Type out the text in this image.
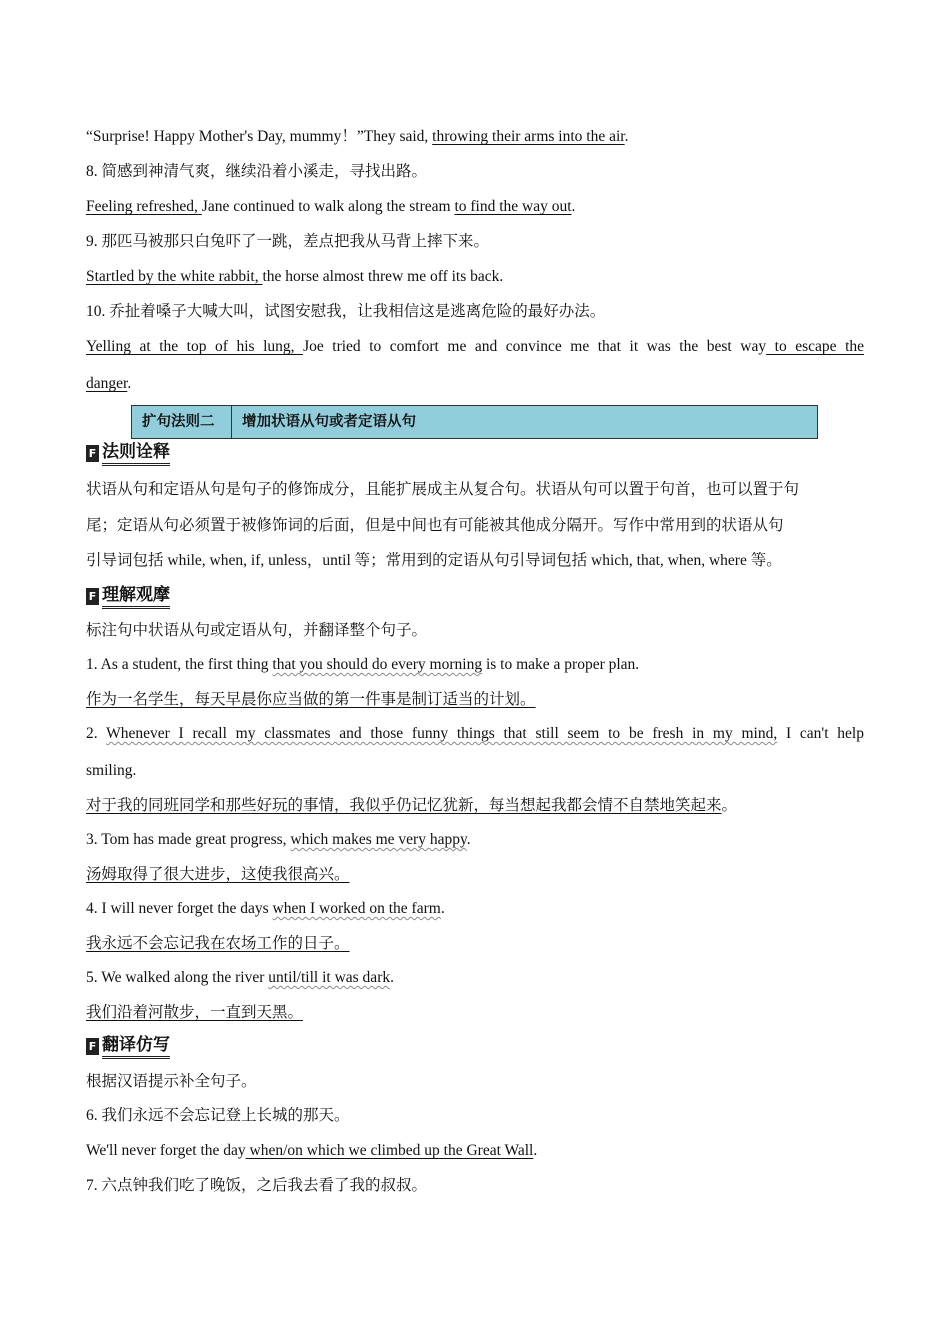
“Surprise! Happy Mother's Day, mummy！”They said, throwing their arms into the air.
8. 简感到神清气爽，继续沿着小溪走，寻找出路。
Feeling refreshed, Jane continued to walk along the stream to find the way out.
9. 那匹马被那只白兔吓了一跳，差点把我从马背上摔下来。
Startled by the white rabbit, the horse almost threw me off its back.
10. 乔扯着嗓子大喊大叫，试图安慰我，让我相信这是逃离危险的最好办法。
Yelling at the top of his lung, Joe tried to comfort me and convince me that it was the best way to escape the
danger.
扩句法则二	增加状语从句或者定语从句
F 法则诠释
状语从句和定语从句是句子的修饰成分，且能扩展成主从复合句。状语从句可以置于句首，也可以置于句
尾；定语从句必须置于被修饰词的后面，但是中间也有可能被其他成分隔开。写作中常用到的状语从句
引导词包括 while, when, if, unless，until 等；常用到的定语从句引导词包括 which, that, when, where 等。
F 理解观摩
标注句中状语从句或定语从句，并翻译整个句子。
1. As a student, the first thing that you should do every morning is to make a proper plan.
作为一名学生，每天早晨你应当做的第一件事是制订适当的计划。
2. Whenever I recall my classmates and those funny things that still seem to be fresh in my mind, I can't help
smiling.
对于我的同班同学和那些好玩的事情，我似乎仍记忆犹新，每当想起我都会情不自禁地笑起来。
3. Tom has made great progress, which makes me very happy.
汤姆取得了很大进步，这使我很高兴。
4. I will never forget the days when I worked on the farm.
我永远不会忘记我在农场工作的日子。
5. We walked along the river until/till it was dark.
我们沿着河散步，一直到天黑。
F 翻译仿写
根据汉语提示补全句子。
6. 我们永远不会忘记登上长城的那天。
We'll never forget the day when/on which we climbed up the Great Wall.
7. 六点钟我们吃了晚饭，之后我去看了我的叔叔。
